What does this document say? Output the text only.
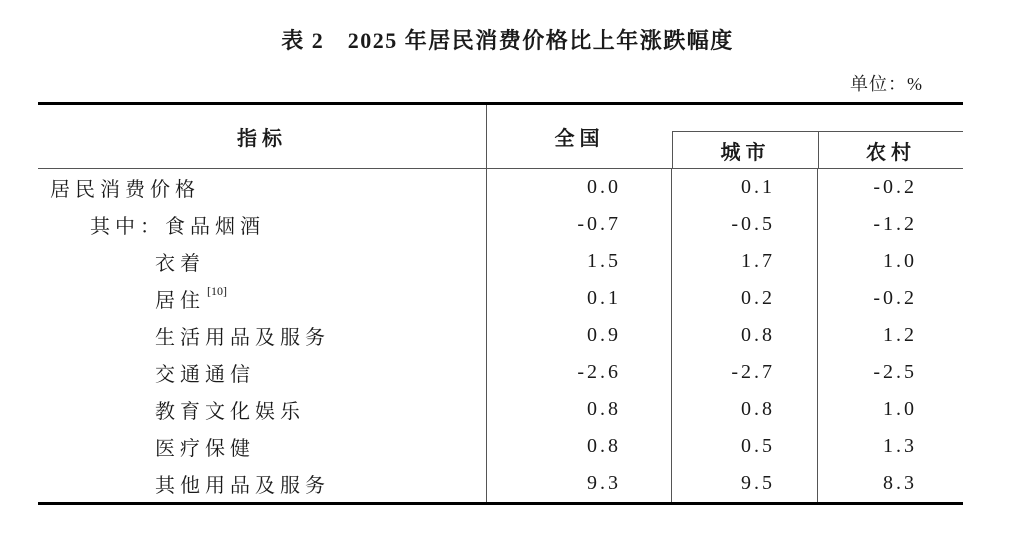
表 2　2025 年居民消费价格比上年涨跌幅度
单位：%
指标	全国
城市	农村
居民消费价格	0.0	0.1	-0.2
其中：食品烟酒	-0.7	-0.5	-1.2
衣着	1.5	1.7	1.0
居住[10]	0.1	0.2	-0.2
生活用品及服务	0.9	0.8	1.2
交通通信	-2.6	-2.7	-2.5
教育文化娱乐	0.8	0.8	1.0
医疗保健	0.8	0.5	1.3
其他用品及服务	9.3	9.5	8.3
